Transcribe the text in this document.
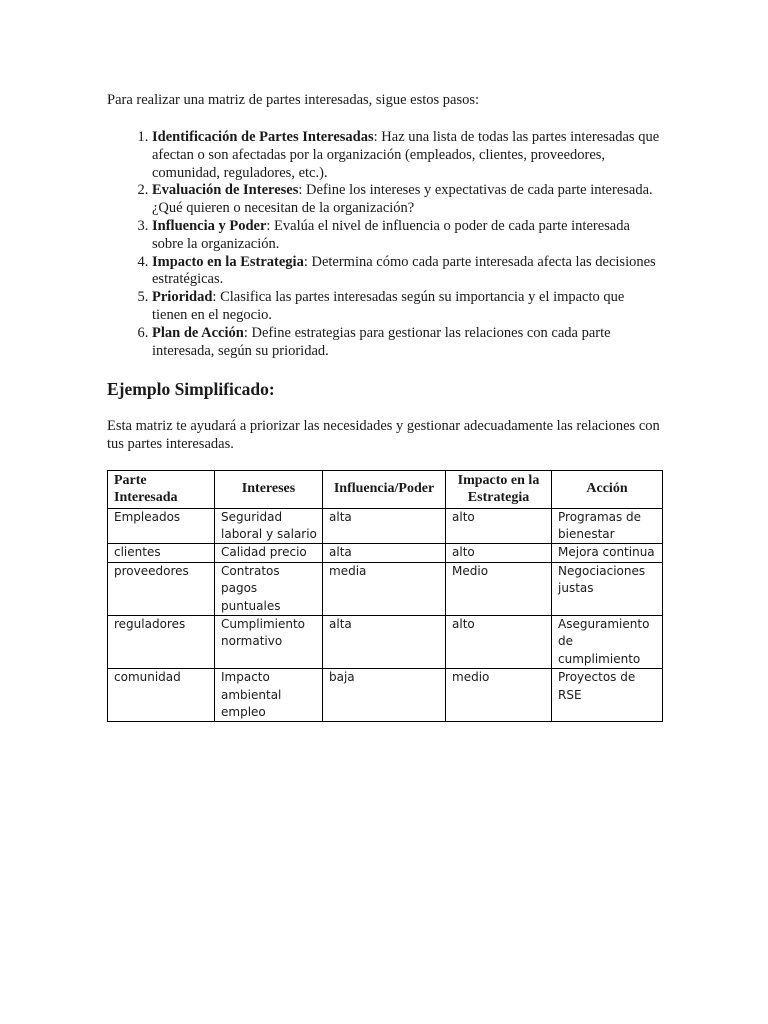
Para realizar una matriz de partes interesadas, sigue estos pasos:

1. Identificación de Partes Interesadas: Haz una lista de todas las partes interesadas que afectan o son afectadas por la organización (empleados, clientes, proveedores, comunidad, reguladores, etc.).
2. Evaluación de Intereses: Define los intereses y expectativas de cada parte interesada. ¿Qué quieren o necesitan de la organización?
3. Influencia y Poder: Evalúa el nivel de influencia o poder de cada parte interesada sobre la organización.
4. Impacto en la Estrategia: Determina cómo cada parte interesada afecta las decisiones estratégicas.
5. Prioridad: Clasifica las partes interesadas según su importancia y el impacto que tienen en el negocio.
6. Plan de Acción: Define estrategias para gestionar las relaciones con cada parte interesada, según su prioridad.
Ejemplo Simplificado:

Esta matriz te ayudará a priorizar las necesidades y gestionar adecuadamente las relaciones con tus partes interesadas.

Parte Interesada	Intereses	Influencia/Poder	Impacto en la Estrategia	Acción
Empleados	Seguridad laboral y salario	alta	alto	Programas de bienestar
clientes	Calidad precio	alta	alto	Mejora continua
proveedores	Contratos pagos puntuales	media	Medio	Negociaciones justas
reguladores	Cumplimiento normativo	alta	alto	Aseguramiento de cumplimiento
comunidad	Impacto ambiental empleo	baja	medio	Proyectos de RSE
